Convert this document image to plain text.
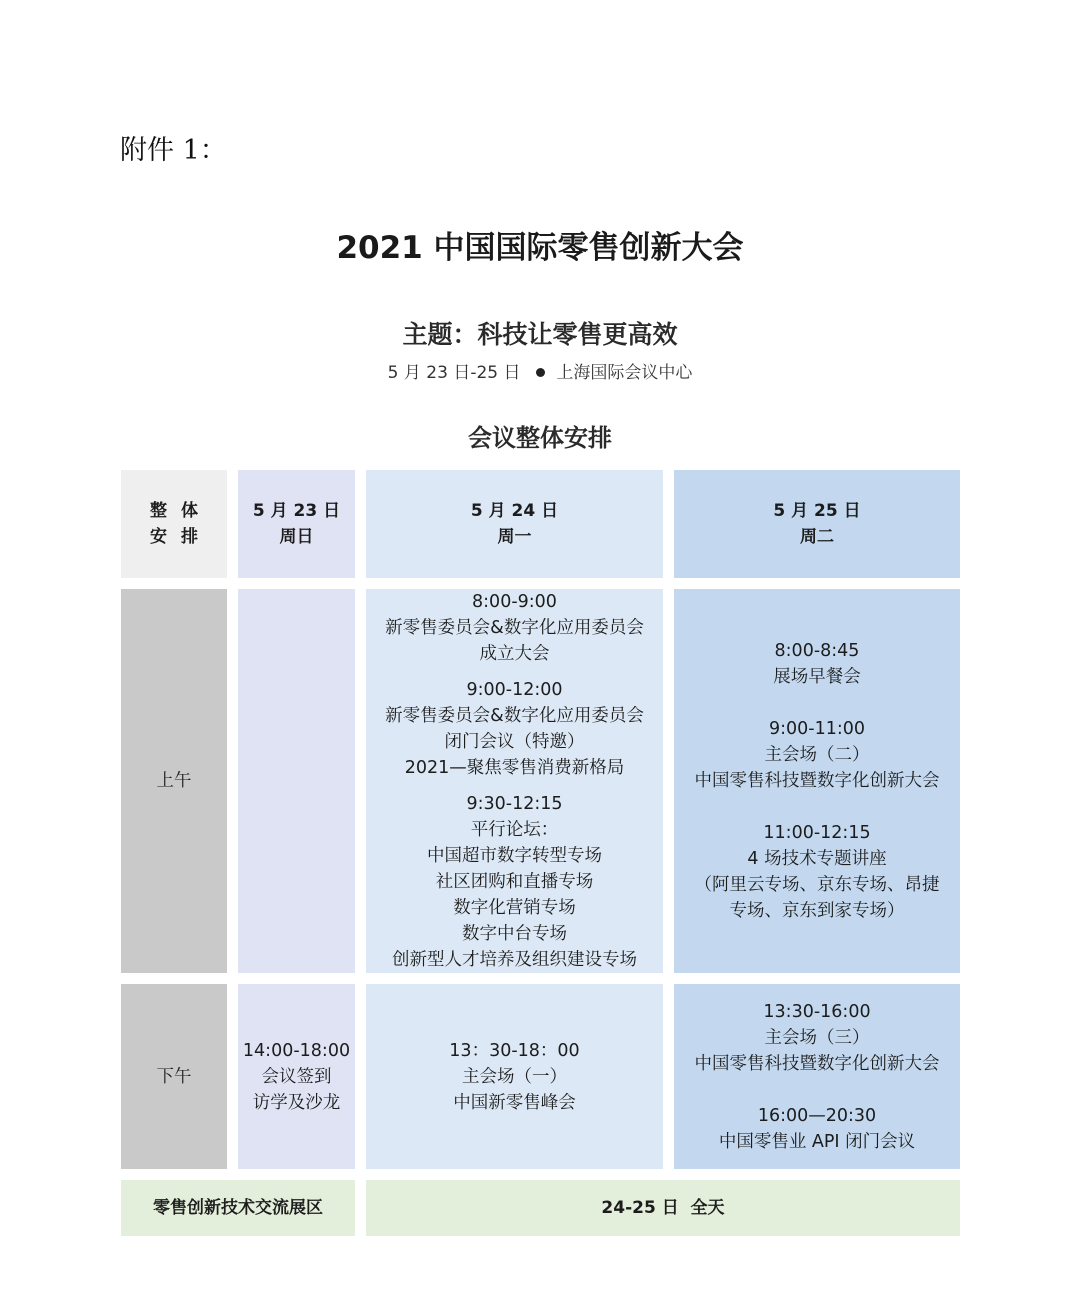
附件 1：
2021 中国国际零售创新大会
主题：科技让零售更高效
5 月 23 日-25 日 上海国际会议中心
会议整体安排
整体
安排
5 月 23 日
周日
5 月 24 日
周一
5 月 25 日
周二
上午
8:00-9:00
新零售委员会&数字化应用委员会
成立大会
9:00-12:00
新零售委员会&数字化应用委员会
闭门会议（特邀）
2021—聚焦零售消费新格局
9:30-12:15
平行论坛：
中国超市数字转型专场
社区团购和直播专场
数字化营销专场
数字中台专场
创新型人才培养及组织建设专场
8:00-8:45
展场早餐会
9:00-11:00
主会场（二）
中国零售科技暨数字化创新大会
11:00-12:15
4 场技术专题讲座
（阿里云专场、京东专场、昂捷
专场、京东到家专场）
下午
14:00-18:00
会议签到
访学及沙龙
13：30-18：00
主会场（一）
中国新零售峰会
13:30-16:00
主会场（三）
中国零售科技暨数字化创新大会
16:00—20:30
中国零售业 API 闭门会议
零售创新技术交流展区	24-25 日  全天
